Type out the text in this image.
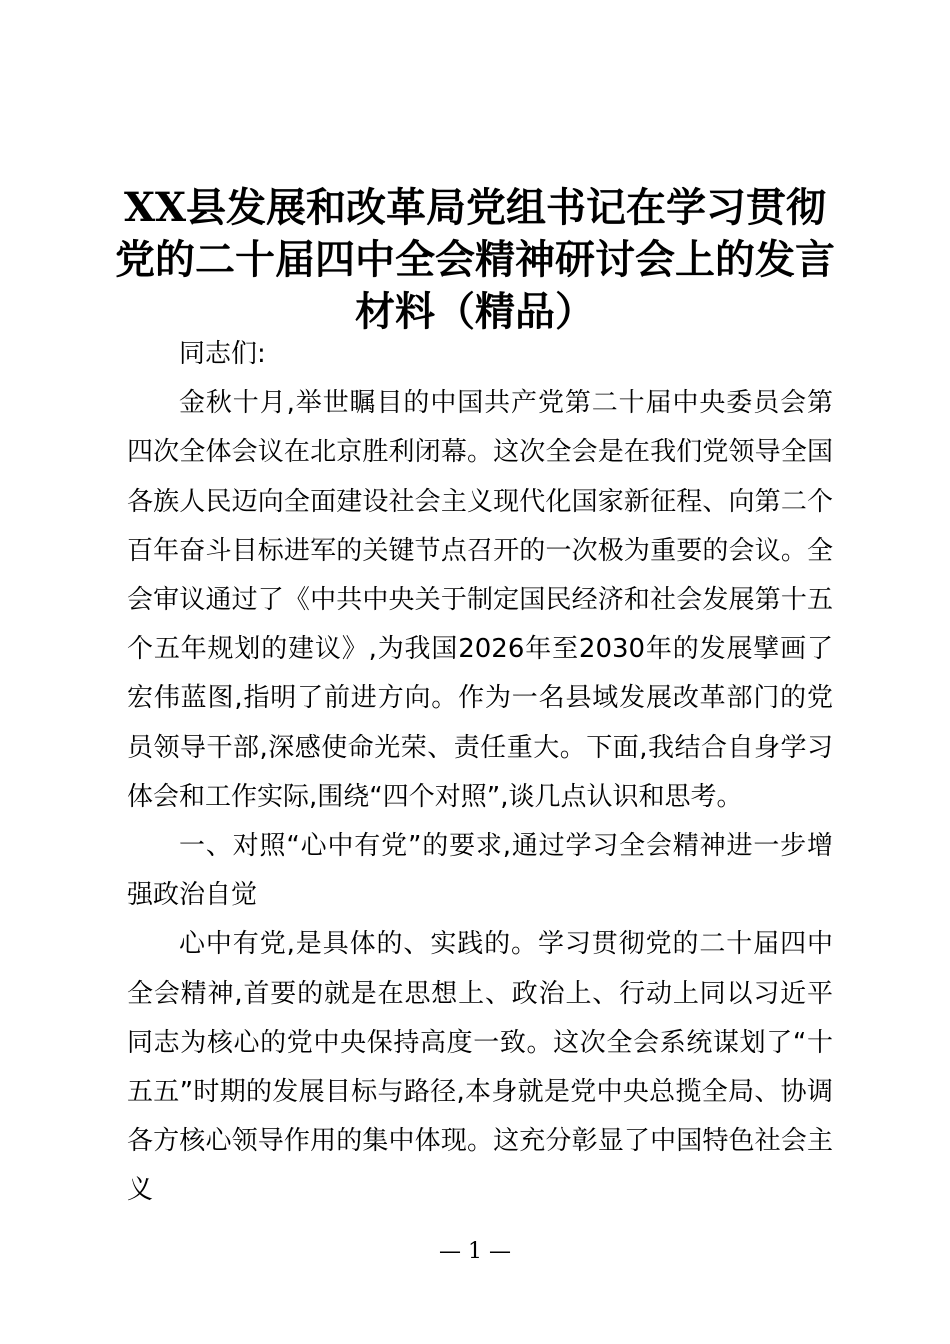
XX县发展和改革局党组书记在学习贯彻党的二十届四中全会精神研讨会上的发言材料（精品）

同志们:

金秋十月,举世瞩目的中国共产党第二十届中央委员会第四次全体会议在北京胜利闭幕。这次全会是在我们党领导全国各族人民迈向全面建设社会主义现代化国家新征程、向第二个百年奋斗目标进军的关键节点召开的一次极为重要的会议。全会审议通过了《中共中央关于制定国民经济和社会发展第十五个五年规划的建议》,为我国2026年至2030年的发展擘画了宏伟蓝图,指明了前进方向。作为一名县域发展改革部门的党员领导干部,深感使命光荣、责任重大。下面,我结合自身学习体会和工作实际,围绕“四个对照”,谈几点认识和思考。

一、对照“心中有党”的要求,通过学习全会精神进一步增强政治自觉

心中有党,是具体的、实践的。学习贯彻党的二十届四中全会精神,首要的就是在思想上、政治上、行动上同以习近平同志为核心的党中央保持高度一致。这次全会系统谋划了“十五五”时期的发展目标与路径,本身就是党中央总揽全局、协调各方核心领导作用的集中体现。这充分彰显了中国特色社会主义

— 1 —
